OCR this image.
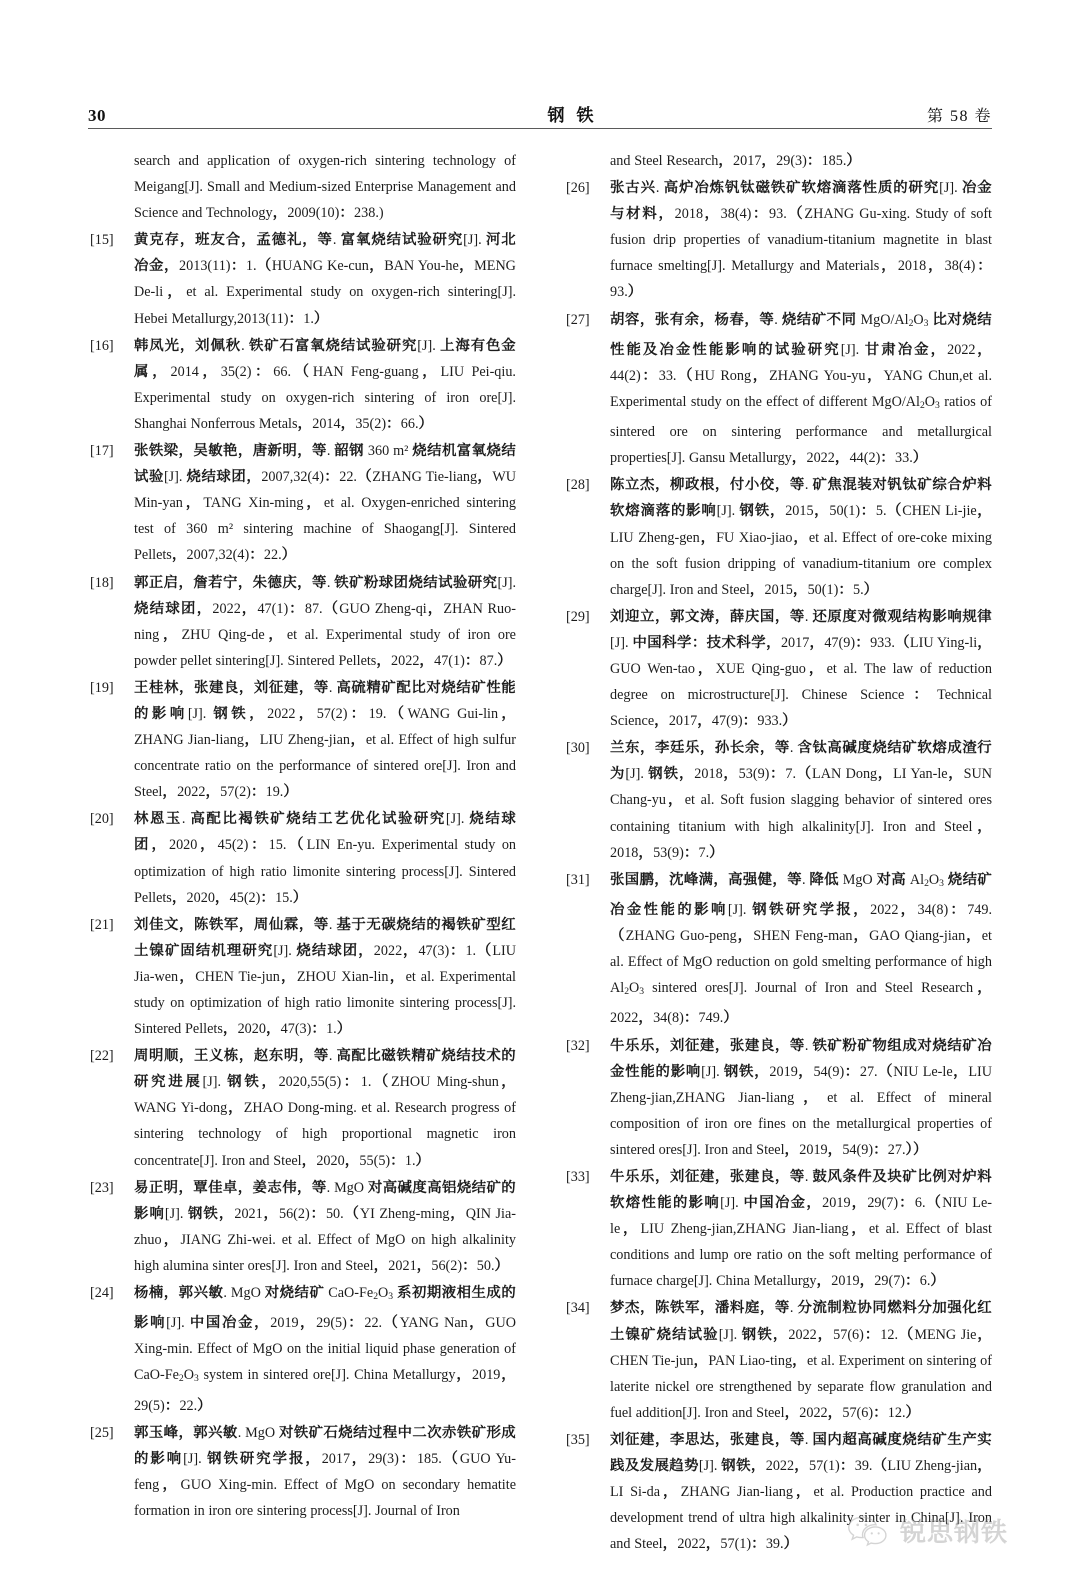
30	钢铁	第 58 卷
search and application of oxygen-rich sintering technology of Meigang[J]. Small and Medium-sized Enterprise Management and Science and Technology，2009(10)：238.)
[15]	黄克存，班友合，孟德礼，等. 富氧烧结试验研究[J]. 河北冶金，2013(11)：1.（HUANG Ke-cun，BAN You-he，MENG De-li，et al. Experimental study on oxygen-rich sintering[J]. Hebei Metallurgy,2013(11)：1.）
[16]	韩凤光，刘佩秋. 铁矿石富氧烧结试验研究[J]. 上海有色金属，2014，35(2)：66.（HAN Feng-guang，LIU Pei-qiu. Experimental study on oxygen-rich sintering of iron ore[J]. Shanghai Nonferrous Metals，2014，35(2)：66.）
[17]	张铁梁，吴敏艳，唐新明，等. 韶钢 360 m² 烧结机富氧烧结试验[J]. 烧结球团，2007,32(4)：22.（ZHANG Tie-liang，WU Min-yan，TANG Xin-ming，et al. Oxygen-enriched sintering test of 360 m² sintering machine of Shaogang[J]. Sintered Pellets，2007,32(4)：22.）
[18]	郭正启，詹若宁，朱德庆，等. 铁矿粉球团烧结试验研究[J]. 烧结球团，2022，47(1)：87.（GUO Zheng-qi，ZHAN Ruo-ning，ZHU Qing-de，et al. Experimental study of iron ore powder pellet sintering[J]. Sintered Pellets，2022，47(1)：87.）
[19]	王桂林，张建良，刘征建，等. 高硫精矿配比对烧结矿性能的影响[J]. 钢铁，2022，57(2)：19.（WANG Gui-lin，ZHANG Jian-liang，LIU Zheng-jian，et al. Effect of high sulfur concentrate ratio on the performance of sintered ore[J]. Iron and Steel，2022，57(2)：19.）
[20]	林恩玉. 高配比褐铁矿烧结工艺优化试验研究[J]. 烧结球团，2020，45(2)：15.（LIN En-yu. Experimental study on optimization of high ratio limonite sintering process[J]. Sintered Pellets，2020，45(2)：15.）
[21]	刘佳文，陈铁军，周仙霖，等. 基于无碳烧结的褐铁矿型红土镍矿固结机理研究[J]. 烧结球团，2022，47(3)：1.（LIU Jia-wen，CHEN Tie-jun，ZHOU Xian-lin，et al. Experimental study on optimization of high ratio limonite sintering process[J]. Sintered Pellets，2020，47(3)：1.）
[22]	周明顺，王义栋，赵东明，等. 高配比磁铁精矿烧结技术的研究进展[J]. 钢铁，2020,55(5)：1.（ZHOU Ming-shun，WANG Yi-dong，ZHAO Dong-ming. et al. Research progress of sintering technology of high proportional magnetic iron concentrate[J]. Iron and Steel，2020，55(5)：1.）
[23]	易正明，覃佳卓，姜志伟，等. MgO 对高碱度高铝烧结矿的影响[J]. 钢铁，2021，56(2)：50.（YI Zheng-ming，QIN Jia-zhuo，JIANG Zhi-wei. et al. Effect of MgO on high alkalinity high alumina sinter ores[J]. Iron and Steel，2021，56(2)：50.）
[24]	杨楠，郭兴敏. MgO 对烧结矿 CaO-$Fe_2O_3$ 系初期液相生成的影响[J]. 中国冶金，2019，29(5)：22.（YANG Nan，GUO Xing-min. Effect of MgO on the initial liquid phase generation of CaO-$Fe_2O_3$ system in sintered ore[J]. China Metallurgy，2019，29(5)：22.）
[25]	郭玉峰，郭兴敏. MgO 对铁矿石烧结过程中二次赤铁矿形成的影响[J]. 钢铁研究学报，2017，29(3)：185.（GUO Yu-feng，GUO Xing-min. Effect of MgO on secondary hematite formation in iron ore sintering process[J]. Journal of Iron
and Steel Research，2017，29(3)：185.）
[26]	张古兴. 高炉冶炼钒钛磁铁矿软熔滴落性质的研究[J]. 冶金与材料，2018，38(4)：93.（ZHANG Gu-xing. Study of soft fusion drip properties of vanadium-titanium magnetite in blast furnace smelting[J]. Metallurgy and Materials，2018，38(4)：93.）
[27]	胡容，张有余，杨春，等. 烧结矿不同 MgO/$Al_2O_3$ 比对烧结性能及冶金性能影响的试验研究[J]. 甘肃冶金，2022，44(2)：33.（HU Rong，ZHANG You-yu，YANG Chun,et al. Experimental study on the effect of different MgO/$Al_2O_3$ ratios of sintered ore on sintering performance and metallurgical properties[J]. Gansu Metallurgy，2022，44(2)：33.）
[28]	陈立杰，柳政根，付小佼，等. 矿焦混装对钒钛矿综合炉料软熔滴落的影响[J]. 钢铁，2015，50(1)：5.（CHEN Li-jie，LIU Zheng-gen，FU Xiao-jiao，et al. Effect of ore-coke mixing on the soft fusion dripping of vanadium-titanium ore complex charge[J]. Iron and Steel，2015，50(1)：5.）
[29]	刘迎立，郭文涛，薛庆国，等. 还原度对微观结构影响规律[J]. 中国科学：技术科学，2017，47(9)：933.（LIU Ying-li，GUO Wen-tao，XUE Qing-guo，et al. The law of reduction degree on microstructure[J]. Chinese Science：Technical Science，2017，47(9)：933.）
[30]	兰东，李廷乐，孙长余，等. 含钛高碱度烧结矿软熔成渣行为[J]. 钢铁，2018，53(9)：7.（LAN Dong，LI Yan-le，SUN Chang-yu，et al. Soft fusion slagging behavior of sintered ores containing titanium with high alkalinity[J]. Iron and Steel，2018，53(9)：7.）
[31]	张国鹏，沈峰满，高强健，等. 降低 MgO 对高 $Al_2O_3$ 烧结矿冶金性能的影响[J]. 钢铁研究学报，2022，34(8)：749.（ZHANG Guo-peng，SHEN Feng-man，GAO Qiang-jian，et al. Effect of MgO reduction on gold smelting performance of high $Al_2O_3$ sintered ores[J]. Journal of Iron and Steel Research，2022，34(8)：749.）
[32]	牛乐乐，刘征建，张建良，等. 铁矿粉矿物组成对烧结矿冶金性能的影响[J]. 钢铁，2019，54(9)：27.（NIU Le-le，LIU Zheng-jian,ZHANG Jian-liang，et al. Effect of mineral composition of iron ore fines on the metallurgical properties of sintered ores[J]. Iron and Steel，2019，54(9)：27.））
[33]	牛乐乐，刘征建，张建良，等. 鼓风条件及块矿比例对炉料软熔性能的影响[J]. 中国冶金，2019，29(7)：6.（NIU Le-le，LIU Zheng-jian,ZHANG Jian-liang，et al. Effect of blast conditions and lump ore ratio on the soft melting performance of furnace charge[J]. China Metallurgy，2019，29(7)：6.）
[34]	梦杰，陈铁军，潘料庭，等. 分流制粒协同燃料分加强化红土镍矿烧结试验[J]. 钢铁，2022，57(6)：12.（MENG Jie，CHEN Tie-jun，PAN Liao-ting，et al. Experiment on sintering of laterite nickel ore strengthened by separate flow granulation and fuel addition[J]. Iron and Steel，2022，57(6)：12.）
[35]	刘征建，李思达，张建良，等. 国内超高碱度烧结矿生产实践及发展趋势[J]. 钢铁，2022，57(1)：39.（LIU Zheng-jian，LI Si-da，ZHANG Jian-liang，et al. Production practice and development trend of ultra high alkalinity sinter in China[J]. Iron and Steel，2022，57(1)：39.）	锐思钢铁
